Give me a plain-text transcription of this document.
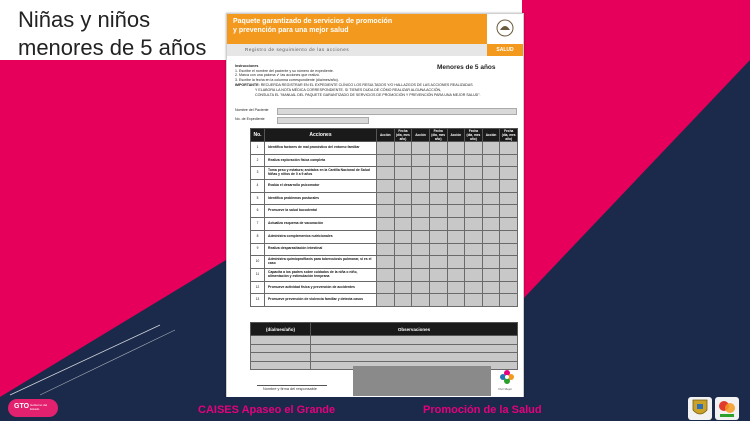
Niñas y niños
menores de 5 años
Paquete garantizado de servicios de promoción
y prevención para una mejor salud
SALUD
Registro de seguimiento de las acciones
Instrucciones
1. Escribe el nombre del paciente y su número de expediente.
2. Marca con una paloma ✔ las acciones que realizó.
3. Escribe la fecha en la columna correspondiente (día/mes/año).
IMPORTANTE: RECUERDA REGISTRAR EN EL EXPEDIENTE CLÍNICO LOS RESULTADOS Y/O HALLAZGOS DE LAS ACCIONES REALIZADAS
Y ELABORA LA NOTA MÉDICA CORRESPONDIENTE. SI TIENES DUDA DE CÓMO REALIZAR ALGUNA ACCIÓN,
CONSULTA EL "MANUAL DEL PAQUETE GARANTIZADO DE SERVICIOS DE PROMOCIÓN Y PREVENCIÓN PARA UNA MEJOR SALUD".
Menores de 5 años
Nombre del Paciente
No. de Expediente
No.	Acciones	Acción	Fecha (dia, mes año)	Acción	Fecha (dia, mes año)	Acción	Fecha (dia, mes año)	Acción	Fecha (dia, mes año)
1	Identifica factores de mal pronóstico del entorno familiar								
2	Realiza exploración física completa								
3	Toma peso y estatura; anótalos en la Cartilla Nacional de Salud Niñas y niños de 0 a 9 años								
4	Evalúa el desarrollo psicomotor								
5	Identifica problemas posturales								
6	Promueve la salud bucodental								
7	Actualiza esquema de vacunación								
8	Administra complementos nutricionales								
9	Realiza desparasitación intestinal								
10	Administra quimioprofilaxis para tuberculosis pulmonar, si es el caso								
11	Capacita a los padres sobre cuidados de la niña o niño, alimentación y estimulación temprana								
12	Promueve actividad física y prevención de accidentes								
13	Promueve prevención de violencia familiar y detecta casos								
(día/mes/año)	Observaciones

Nombre y firma del responsable	Vivir Mejor
GTO Gobierno del Estado	CAISES Apaseo el Grande	Promoción de la Salud
